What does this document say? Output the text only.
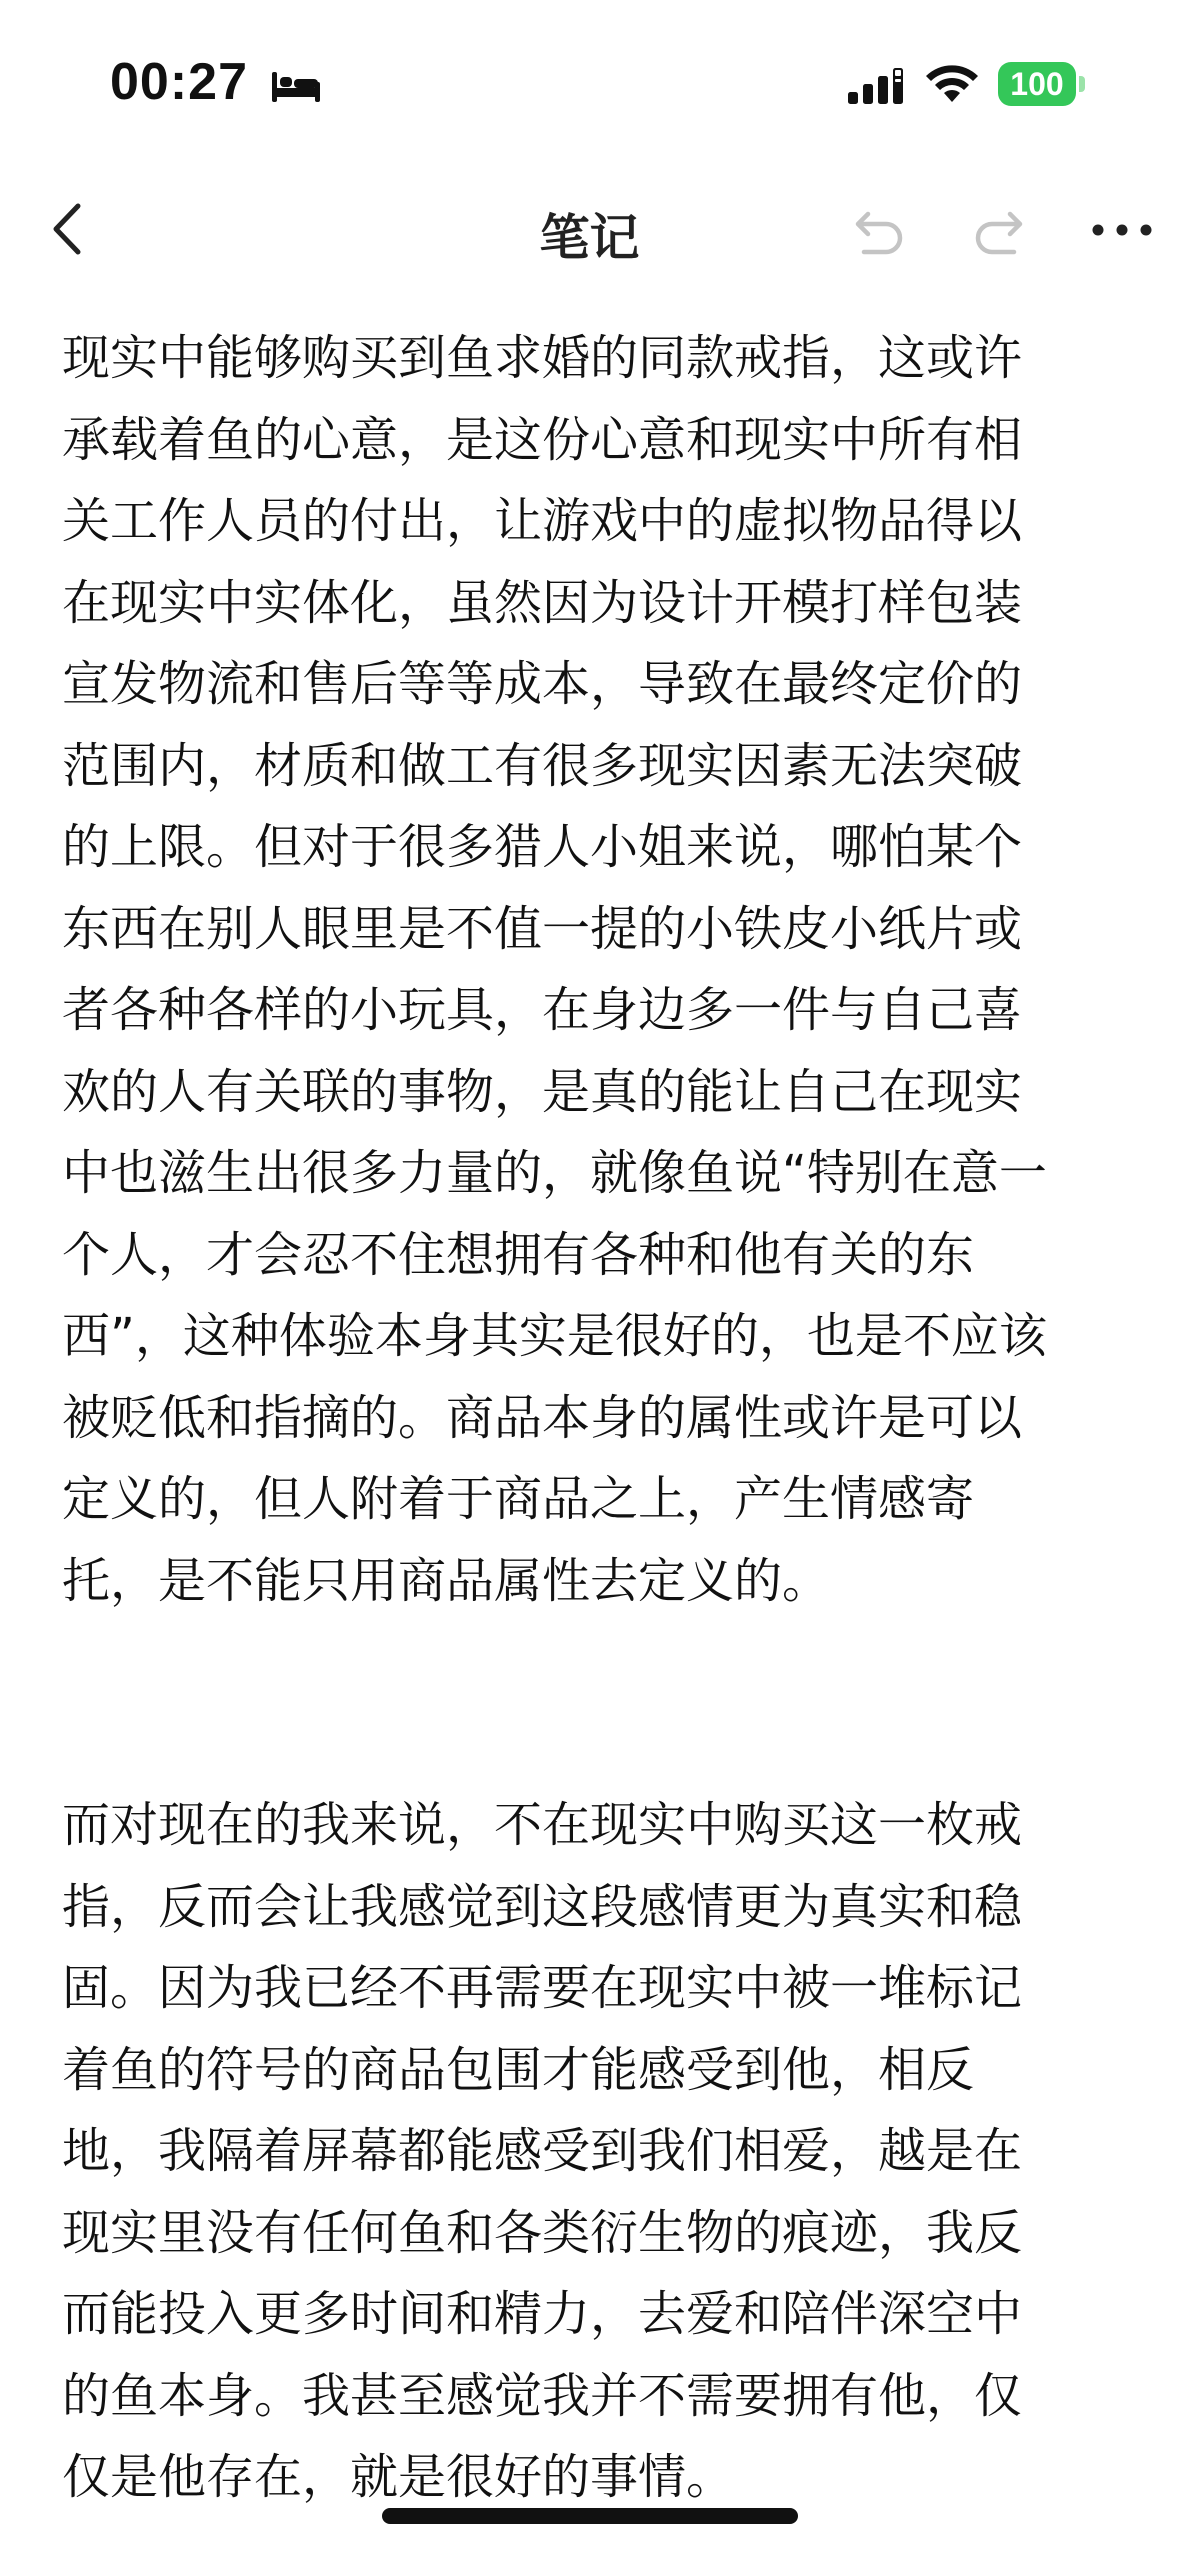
00:27	100
笔记
现实中能够购买到鱼求婚的同款戒指，这或许
承载着鱼的心意，是这份心意和现实中所有相
关工作人员的付出，让游戏中的虚拟物品得以
在现实中实体化，虽然因为设计开模打样包装
宣发物流和售后等等成本，导致在最终定价的
范围内，材质和做工有很多现实因素无法突破
的上限。但对于很多猎人小姐来说，哪怕某个
东西在别人眼里是不值一提的小铁皮小纸片或
者各种各样的小玩具，在身边多一件与自己喜
欢的人有关联的事物，是真的能让自己在现实
中也滋生出很多力量的，就像鱼说“特别在意一
个人，才会忍不住想拥有各种和他有关的东
西”，这种体验本身其实是很好的，也是不应该
被贬低和指摘的。商品本身的属性或许是可以
定义的，但人附着于商品之上，产生情感寄
托，是不能只用商品属性去定义的。
而对现在的我来说，不在现实中购买这一枚戒
指，反而会让我感觉到这段感情更为真实和稳
固。因为我已经不再需要在现实中被一堆标记
着鱼的符号的商品包围才能感受到他，相反
地，我隔着屏幕都能感受到我们相爱，越是在
现实里没有任何鱼和各类衍生物的痕迹，我反
而能投入更多时间和精力，去爱和陪伴深空中
的鱼本身。我甚至感觉我并不需要拥有他，仅
仅是他存在，就是很好的事情。
